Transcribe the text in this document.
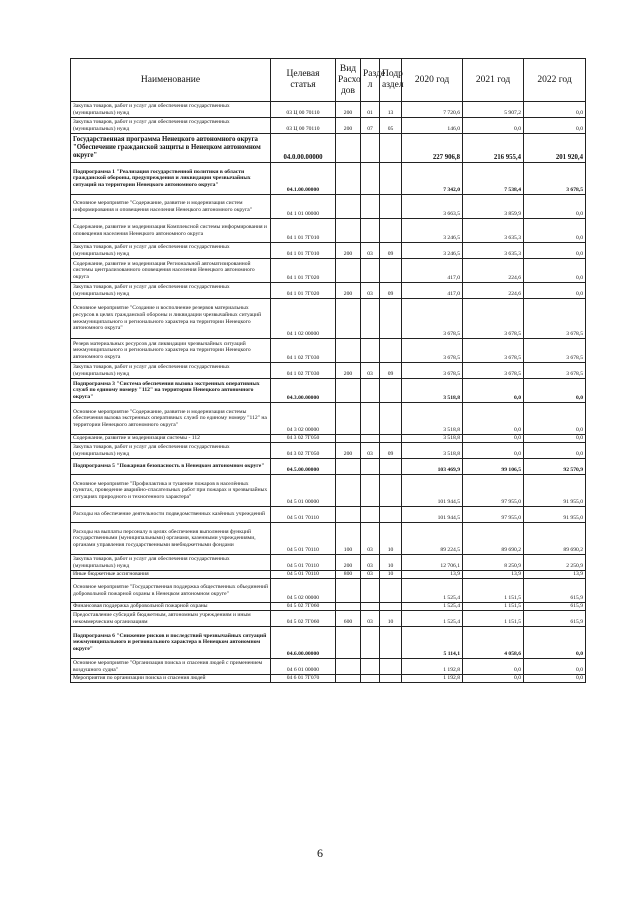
Наименование	Целевая статья	Вид Расхо дов	Разде л	Подр аздел	2020 год	2021 год	2022 год
Закупка товаров, работ и услуг для обеспечения государственных (муниципальных) нужд	03 Ц 00 70110	200	01	13	7 720,6	5 907,2	0,0
Закупка товаров, работ и услуг для обеспечения государственных (муниципальных) нужд	03 Ц 00 70110	200	07	05	146,0	0,0	0,0
Государственная программа Ненецкого автономного округа "Обеспечение гражданской защиты в Ненецком автономном округе"	04.0.00.00000				227 906,8	216 955,4	201 920,4
Подпрограмма 1 "Реализация государственной политики в области гражданской обороны, предупреждения и ликвидации чрезвычайных ситуаций на территории Ненецкого автономного округа"	04.1.00.00000				7 342,0	7 538,4	3 678,5
Основное мероприятие "Содержание, развитие и модернизация систем информирования и оповещения населения Ненецкого автономного округа"	04 1 01 00000				3 663,5	3 859,9	0,0
Содержание, развитие и модернизация Комплексной системы информирования и оповещения населения Ненецкого автономного округа	04 1 01 7Г010				3 246,5	3 635,3	0,0
Закупка товаров, работ и услуг для обеспечения государственных (муниципальных) нужд	04 1 01 7Г010	200	03	09	3 246,5	3 635,3	0,0
Содержание, развитие и модернизация Региональной автоматизированной системы централизованного оповещения населения Ненецкого автономного округа	04 1 01 7Г020				417,0	224,6	0,0
Закупка товаров, работ и услуг для обеспечения государственных (муниципальных) нужд	04 1 01 7Г020	200	03	09	417,0	224,6	0,0
Основное мероприятие "Создание и восполнение резервов материальных ресурсов в целях гражданской обороны и ликвидации чрезвычайных ситуаций межмуниципального и регионального характера на территории Ненецкого автономного округа"	04 1 02 00000				3 678,5	3 678,5	3 678,5
Резерв материальных ресурсов для ликвидации чрезвычайных ситуаций межмуниципального и регионального характера на территории Ненецкого автономного округа	04 1 02 7Г030				3 678,5	3 678,5	3 678,5
Закупка товаров, работ и услуг для обеспечения государственных (муниципальных) нужд	04 1 02 7Г030	200	03	09	3 678,5	3 678,5	3 678,5
Подпрограмма 3 "Система обеспечения вызова экстренных оперативных служб по единому номеру "112" на территории Ненецкого автономного округа"	04.3.00.00000				3 518,8	0,0	0,0
Основное мероприятие "Содержание, развитие и модернизация системы обеспечения вызова экстренных оперативных служб по единому номеру "112" на территории Ненецкого автономного округа"	04 3 02 00000				3 518,8	0,0	0,0
Содержание, развитие и модернизация системы - 112	04 3 02 7Г050				3 518,8	0,0	0,0
Закупка товаров, работ и услуг для обеспечения государственных (муниципальных) нужд	04 3 02 7Г050	200	03	09	3 518,8	0,0	0,0
Подпрограмма 5 "Пожарная безопасность в Ненецком автономном округе"	04.5.00.00000				103 469,9	99 106,5	92 570,9
Основное мероприятие "Профилактика и тушение пожаров в населённых пунктах, проведение аварийно-спасательных работ при пожарах и чрезвычайных ситуациях природного и техногенного характера"	04 5 01 00000				101 944,5	97 955,0	91 955,0
Расходы на обеспечение деятельности подведомственных казённых учреждений	04 5 01 70110				101 944,5	97 955,0	91 955,0
Расходы на выплаты персоналу в целях обеспечения выполнения функций государственными (муниципальными) органами, казенными учреждениями, органами управления государственными внебюджетными фондами	04 5 01 70110	100	03	10	89 224,5	89 690,2	89 690,2
Закупка товаров, работ и услуг для обеспечения государственных (муниципальных) нужд	04 5 01 70110	200	03	10	12 706,1	8 250,9	2 250,9
Иные бюджетные ассигнования	04 5 01 70110	800	03	10	13,9	13,9	13,9
Основное мероприятие "Государственная поддержка общественных объединений добровольной пожарной охраны в Ненецком автономном округе"	04 5 02 00000				1 525,4	1 151,5	615,9
Финансовая поддержка добровольной пожарной охраны	04 5 02 7Г060				1 525,4	1 151,5	615,9
Предоставление субсидий бюджетным, автономным учреждениям и иным некоммерческим организациям	04 5 02 7Г060	600	03	10	1 525,4	1 151,5	615,9
Подпрограмма 6 "Снижение рисков и последствий чрезвычайных ситуаций межмуниципального и регионального характера в Ненецком автономном округе"	04.6.00.00000				5 114,1	4 058,6	0,0
Основное мероприятие "Организация поиска и спасения людей с применением воздушного судна"	04 6 01 00000				1 192,8	0,0	0,0
Мероприятия по организации поиска и спасения людей	04 6 01 7Г070				1 192,8	0,0	0,0
6
